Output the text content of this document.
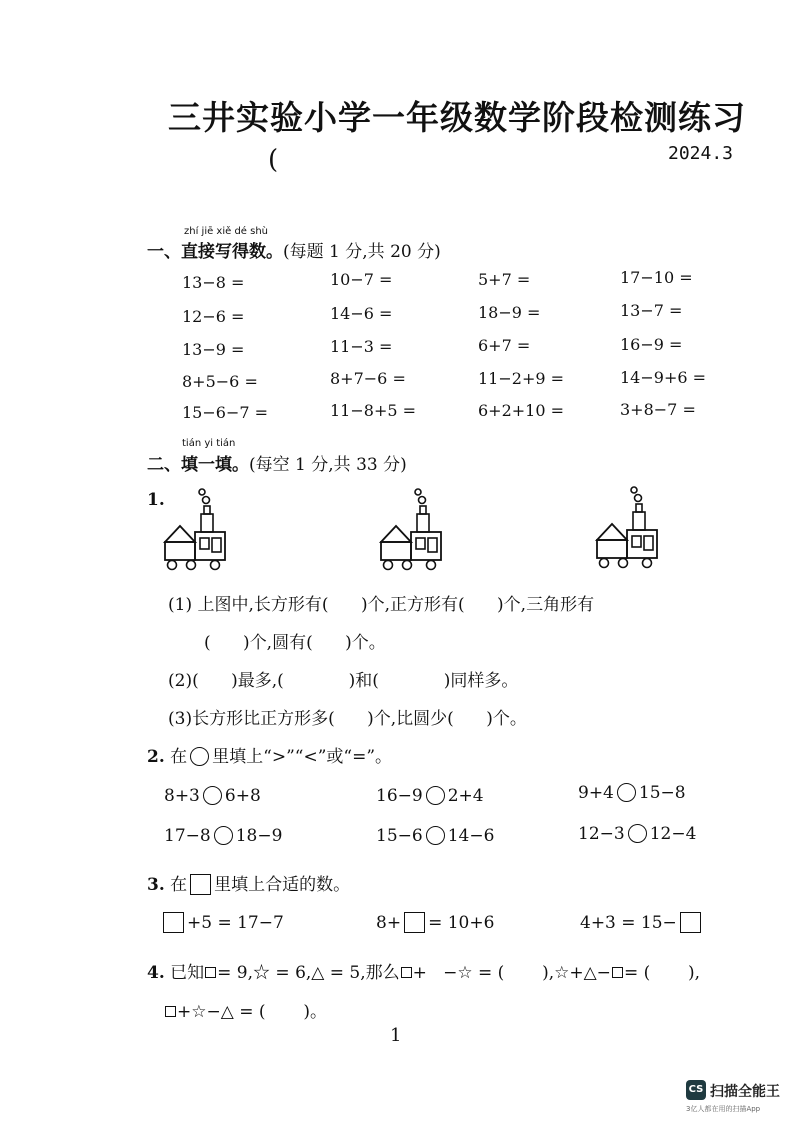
三井实验小学一年级数学阶段检测练习
(	2024.3
zhí jiē xiě dé shù
一、直接写得数。(每题 1 分,共 20 分)
13−8 =	10−7 =	5+7 =	17−10 =
12−6 =	14−6 =	18−9 =	13−7 =
13−9 =	11−3 =	6+7 =	16−9 =
8+5−6 =	8+7−6 =	11−2+9 =	14−9+6 =
15−6−7 =	11−8+5 =	6+2+10 =	3+8−7 =
tián yi tián
二、填一填。(每空 1 分,共 33 分)
1.
(1) 上图中,长方形有(      )个,正方形有(      )个,三角形有
(      )个,圆有(      )个。
(2)(      )最多,(            )和(            )同样多。
(3)长方形比正方形多(      )个,比圆少(      )个。
2. 在 里填上“>”“<”或“=”。
8+3 6+8	16−9 2+4	9+4 15−8
17−8 18−9	15−6 14−6	12−3 12−4
3. 在 里填上合适的数。
+5 = 17−7	8+ = 10+6	4+3 = 15−
4. 已知 = 9,☆ = 6,△ = 5,那么 +   −☆ = (       ),☆+△− = (       ),
+☆−△ = (       )。
1
CS 扫描全能王
3亿人都在用的扫描App
